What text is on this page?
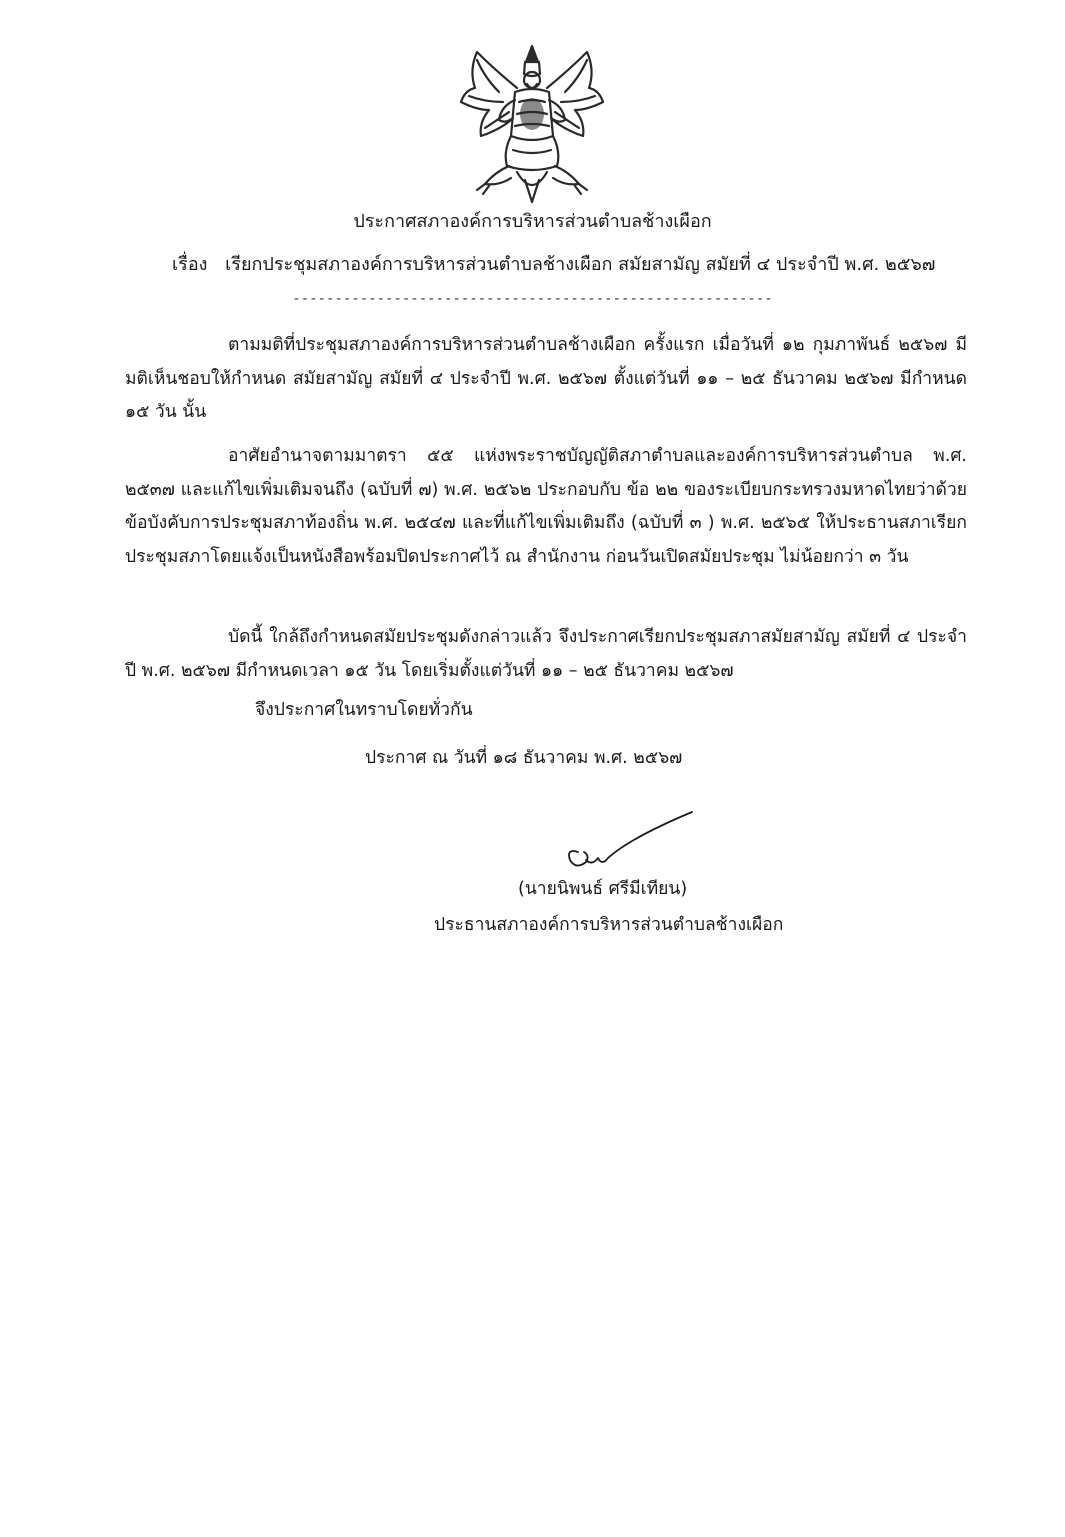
ประกาศสภาองค์การบริหารส่วนตำบลช้างเผือก
เรื่อง เรียกประชุมสภาองค์การบริหารส่วนตำบลช้างเผือก สมัยสามัญ สมัยที่ ๔ ประจำปี พ.ศ. ๒๕๖๗
---------------------------------------------------------
ตามมติที่ประชุมสภาองค์การบริหารส่วนตำบลช้างเผือก ครั้งแรก เมื่อวันที่ ๑๒ กุมภาพันธ์ ๒๕๖๗ มีมติเห็นชอบให้กำหนด สมัยสามัญ สมัยที่ ๔ ประจำปี พ.ศ. ๒๕๖๗ ตั้งแต่วันที่ ๑๑ – ๒๕ ธันวาคม ๒๕๖๗ มีกำหนด ๑๕ วัน นั้น
อาศัยอำนาจตามมาตรา ๕๕ แห่งพระราชบัญญัติสภาตำบลและองค์การบริหารส่วนตำบล พ.ศ. ๒๕๓๗ และแก้ไขเพิ่มเติมจนถึง (ฉบับที่ ๗) พ.ศ. ๒๕๖๒ ประกอบกับ ข้อ ๒๒ ของระเบียบกระทรวงมหาดไทยว่าด้วยข้อบังคับการประชุมสภาท้องถิ่น พ.ศ. ๒๕๔๗ และที่แก้ไขเพิ่มเติมถึง (ฉบับที่ ๓ ) พ.ศ. ๒๕๖๕ ให้ประธานสภาเรียกประชุมสภาโดยแจ้งเป็นหนังสือพร้อมปิดประกาศไว้ ณ สำนักงาน ก่อนวันเปิดสมัยประชุม ไม่น้อยกว่า ๓ วัน
บัดนี้ ใกล้ถึงกำหนดสมัยประชุมดังกล่าวแล้ว จึงประกาศเรียกประชุมสภาสมัยสามัญ สมัยที่ ๔ ประจำปี พ.ศ. ๒๕๖๗ มีกำหนดเวลา ๑๕ วัน โดยเริ่มตั้งแต่วันที่ ๑๑ – ๒๕ ธันวาคม ๒๕๖๗
จึงประกาศในทราบโดยทั่วกัน
ประกาศ ณ วันที่ ๑๘ ธันวาคม พ.ศ. ๒๕๖๗
(นายนิพนธ์ ศรีมีเทียน)
ประธานสภาองค์การบริหารส่วนตำบลช้างเผือก
